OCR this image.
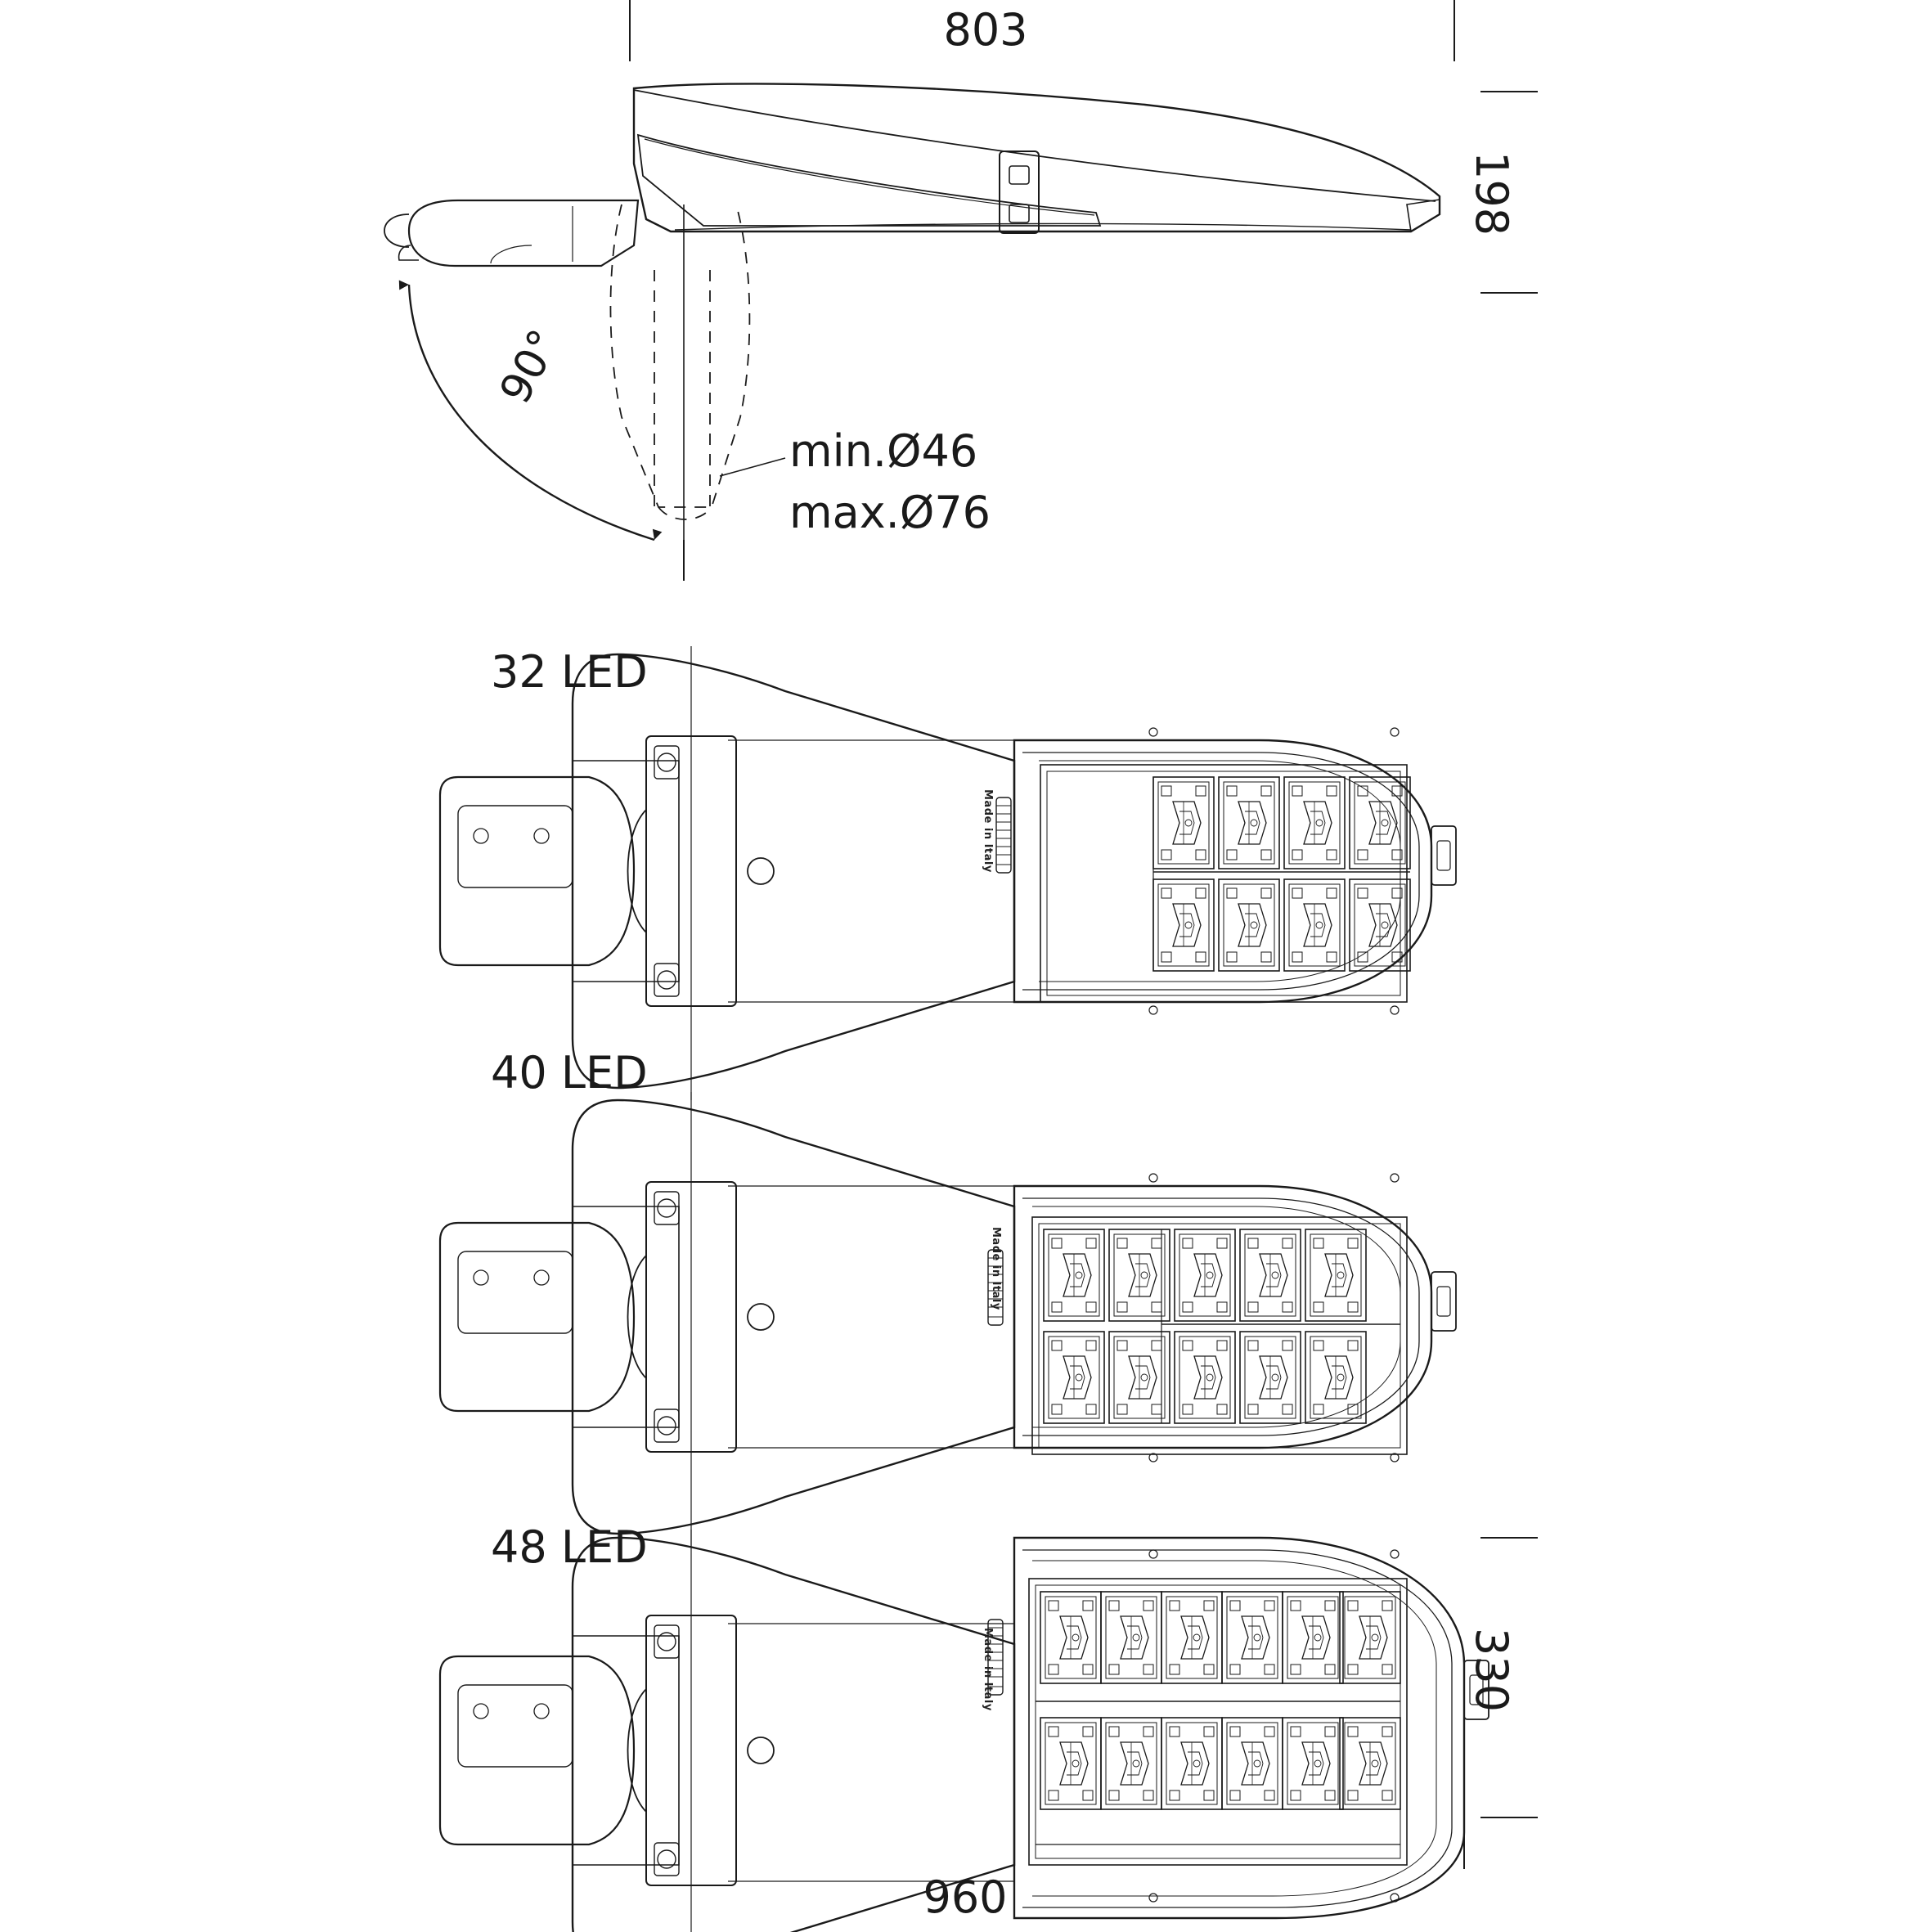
803
198
960
330
90°
min.Ø46
max.Ø76
32 LED
40 LED
48 LED
Made in Italy
Made in Italy
Made in Italy
